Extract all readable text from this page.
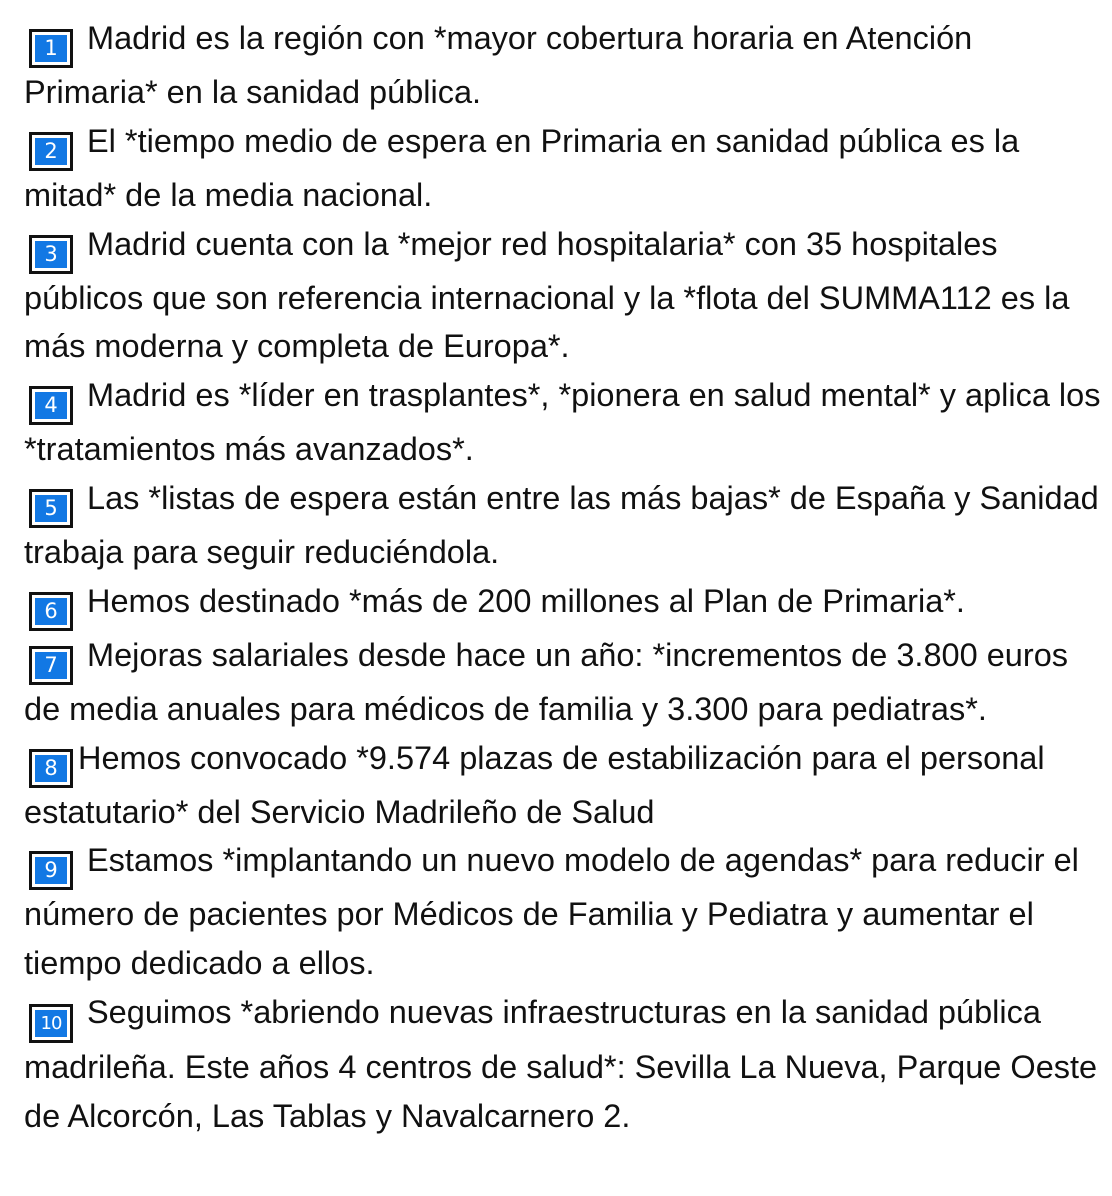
1 Madrid es la región con *mayor cobertura horaria en Atención Primaria* en la sanidad pública.

2 El *tiempo medio de espera en Primaria en sanidad pública es la mitad* de la media nacional.

3 Madrid cuenta con la *mejor red hospitalaria* con 35 hospitales públicos que son referencia internacional y la *flota del SUMMA112 es la más moderna y completa de Europa*.

4 Madrid es *líder en trasplantes*, *pionera en salud mental* y aplica los *tratamientos más avanzados*.

5 Las *listas de espera están entre las más bajas* de España y Sanidad trabaja para seguir reduciéndola.

6 Hemos destinado *más de 200 millones al Plan de Primaria*.

7 Mejoras salariales desde hace un año: *incrementos de 3.800 euros de media anuales para médicos de familia y 3.300 para pediatras*.

8 Hemos convocado *9.574 plazas de estabilización para el personal estatutario* del Servicio Madrileño de Salud

9 Estamos *implantando un nuevo modelo de agendas* para reducir el número de pacientes por Médicos de Familia y Pediatra y aumentar el tiempo dedicado a ellos.

10 Seguimos *abriendo nuevas infraestructuras en la sanidad pública madrileña. Este años 4 centros de salud*: Sevilla La Nueva, Parque Oeste de Alcorcón, Las Tablas y Navalcarnero 2.
